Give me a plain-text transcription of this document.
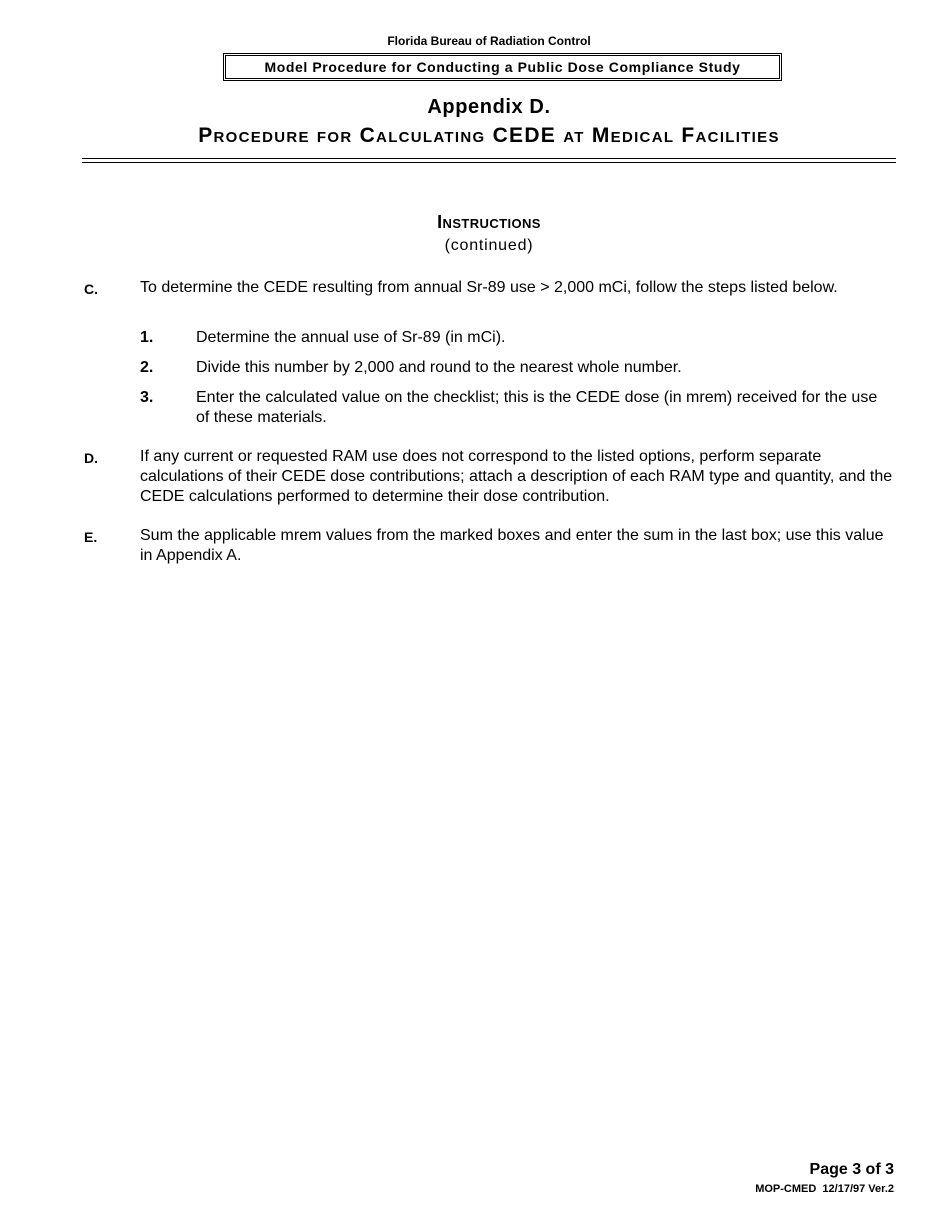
Florida Bureau of Radiation Control
Model Procedure for Conducting a Public Dose Compliance Study
Appendix D.
Procedure for Calculating CEDE at Medical Facilities
Instructions
(continued)
C.	To determine the CEDE resulting from annual Sr-89 use > 2,000 mCi, follow the steps listed below.
1.	Determine the annual use of Sr-89 (in mCi).
2.	Divide this number by 2,000 and round to the nearest whole number.
3.	Enter the calculated value on the checklist; this is the CEDE dose (in mrem) received for the use of these materials.
D.	If any current or requested RAM use does not correspond to the listed options, perform separate calculations of their CEDE dose contributions; attach a description of each RAM type and quantity, and the CEDE calculations performed to determine their dose contribution.
E.	Sum the applicable mrem values from the marked boxes and enter the sum in the last box; use this value in Appendix A.
Page 3 of 3
MOP-CMED  12/17/97 Ver.2
